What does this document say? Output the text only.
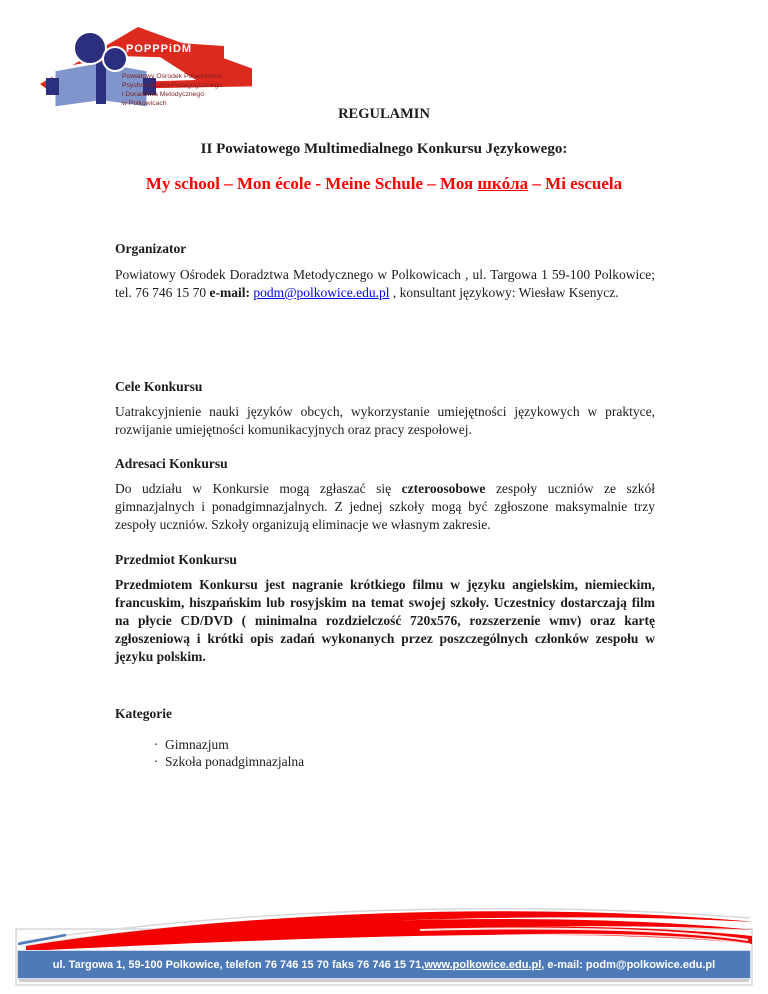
POPPPiDM
Powiatowy Ośrodek Poradnictwa
Psychologiczno-Pedagogicznego
i Doradztwa Metodycznego
w Polkowicach
REGULAMIN
II Powiatowego Multimedialnego Konkursu Językowego:
My school – Mon école - Meine Schule – Моя шкóла – Mi escuela
Organizator
Powiatowy Ośrodek Doradztwa Metodycznego w Polkowicach , ul. Targowa 1 59-100 Polkowice; tel. 76 746 15 70 e-mail: podm@polkowice.edu.pl , konsultant językowy: Wiesław Ksenycz.
Cele Konkursu
Uatrakcyjnienie nauki języków obcych, wykorzystanie umiejętności językowych w praktyce, rozwijanie umiejętności komunikacyjnych oraz pracy zespołowej.
Adresaci Konkursu
Do udziału w Konkursie mogą zgłaszać się czteroosobowe zespoły uczniów ze szkół gimnazjalnych i ponadgimnazjalnych. Z jednej szkoły mogą być zgłoszone maksymalnie trzy zespoły uczniów. Szkoły organizują eliminacje we własnym zakresie.
Przedmiot Konkursu
Przedmiotem Konkursu jest nagranie krótkiego filmu w języku angielskim, niemieckim, francuskim, hiszpańskim lub rosyjskim na temat swojej szkoły. Uczestnicy dostarczają film na płycie CD/DVD ( minimalna rozdzielczość 720x576, rozszerzenie wmv) oraz kartę zgłoszeniową i krótki opis zadań wykonanych przez poszczególnych członków zespołu w języku polskim.
Kategorie
· Gimnazjum
· Szkoła ponadgimnazjalna
ul. Targowa 1, 59-100 Polkowice, telefon 76 746 15 70 faks 76 746 15 71, www.polkowice.edu.pl , e-mail: podm@polkowice.edu.pl
